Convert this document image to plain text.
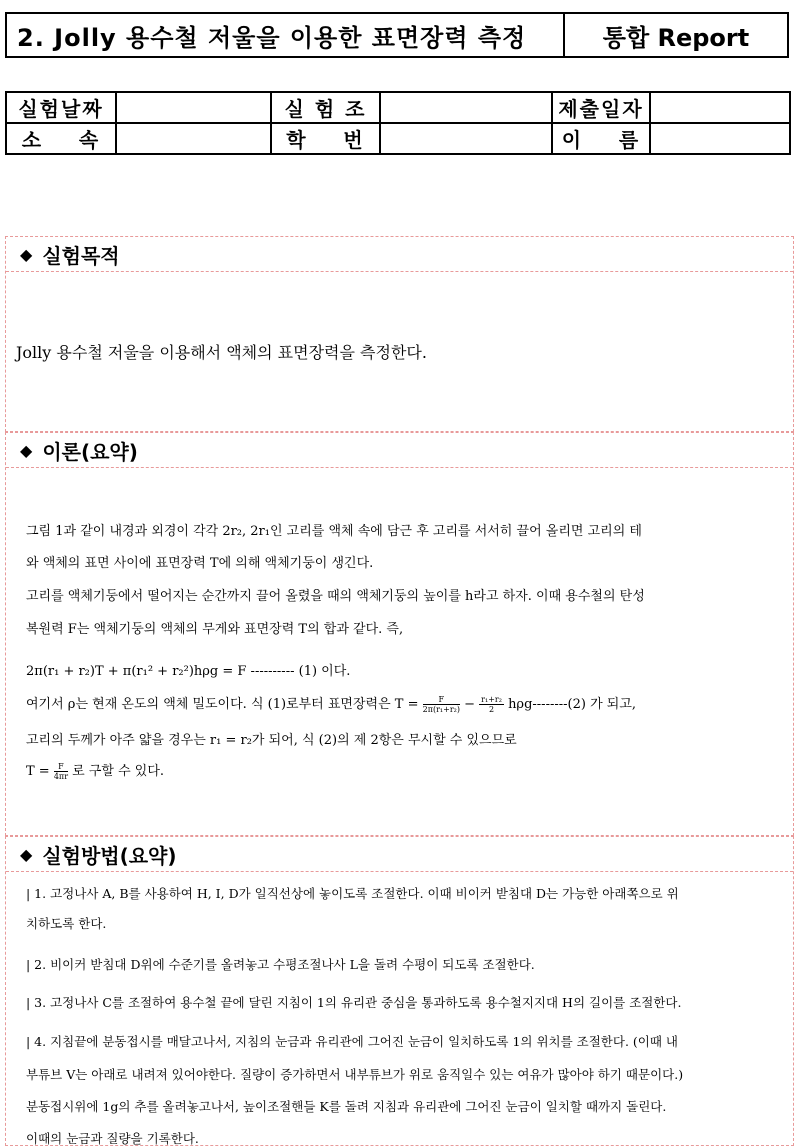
2. Jolly 용수철 저울을 이용한 표면장력 측정	통합 Report
실험날짜		실 험 조		제출일자	
소    속		학    번		이    름	
◆ 실험목적
Jolly 용수철 저울을 이용해서 액체의 표면장력을 측정한다.
◆ 이론(요약)
그림 1과 같이 내경과 외경이 각각 2r₂, 2r₁인 고리를 액체 속에 담근 후 고리를 서서히 끌어 올리면 고리의 테
와 액체의 표면 사이에 표면장력 T에 의해 액체기둥이 생긴다.
고리를 액체기둥에서 떨어지는 순간까지 끌어 올렸을 때의 액체기둥의 높이를 h라고 하자. 이때 용수철의 탄성
복원력 F는 액체기둥의 액체의 무게와 표면장력 T의 합과 같다. 즉,
2π(r₁ + r₂)T + π(r₁² + r₂²)hρg = F ---------- (1) 이다.
여기서 ρ는 현재 온도의 액체 밀도이다. 식 (1)로부터 표면장력은 $T = \frac{F}{\text{2π(r₁+r₂)}} - \frac{\text{r₁+r₂}}{2} h\rho g--------(2)$ 가 되고,
고리의 두께가 아주 얇을 경우는 r₁ = r₂가 되어, 식 (2)의 제 2항은 무시할 수 있으므로
$T = \frac{F}{4\pi r}$ 로 구할 수 있다.
◆ 실험방법(요약)
| 1. 고정나사 A, B를 사용하여 H, I, D가 일직선상에 놓이도록 조절한다. 이때 비이커 받침대 D는 가능한 아래쪽으로 위
치하도록 한다.
| 2. 비이커 받침대 D위에 수준기를 올려놓고 수평조절나사 L을 돌려 수평이 되도록 조절한다.
| 3. 고정나사 C를 조절하여 용수철 끝에 달린 지침이 1의 유리관 중심을 통과하도록 용수철지지대 H의 길이를 조절한다.
| 4. 지침끝에 분동접시를 매달고나서, 지침의 눈금과 유리관에 그어진 눈금이 일치하도록 1의 위치를 조절한다. (이때 내
부튜브 V는 아래로 내려져 있어야한다. 질량이 증가하면서 내부튜브가 위로 움직일수 있는 여유가 많아야 하기 때문이다.)
분동접시위에 1g의 추를 올려놓고나서, 높이조절핸들 K를 돌려 지침과 유리관에 그어진 눈금이 일치할 때까지 돌린다.
이때의 눈금과 질량을 기록한다.
